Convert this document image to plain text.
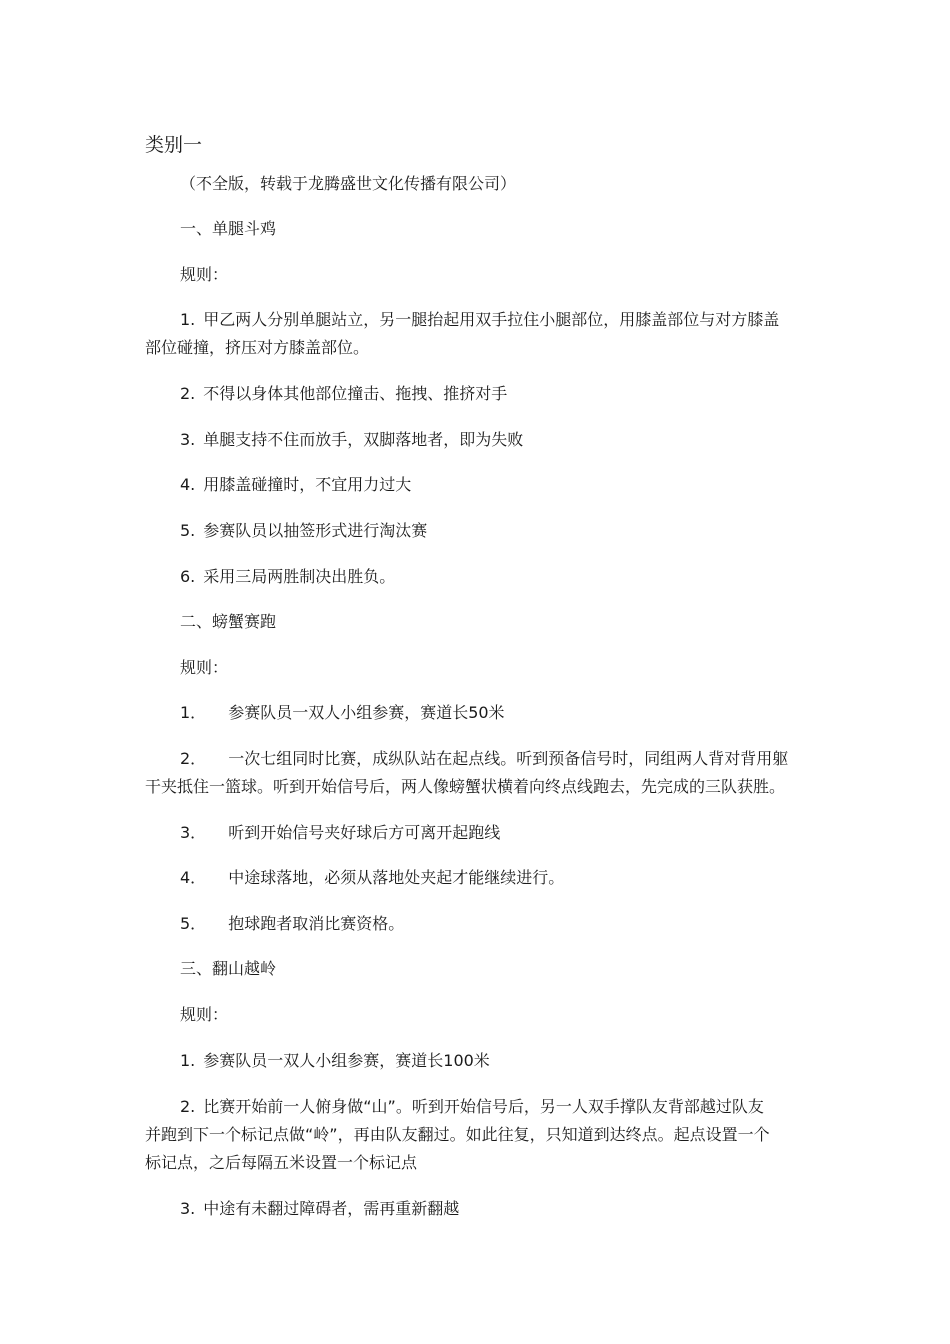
类别一
（不全版，转载于龙腾盛世文化传播有限公司）
一、单腿斗鸡
规则：
1. 甲乙两人分别单腿站立，另一腿抬起用双手拉住小腿部位，用膝盖部位与对方膝盖
部位碰撞，挤压对方膝盖部位。
2. 不得以身体其他部位撞击、拖拽、推挤对手
3. 单腿支持不住而放手，双脚落地者，即为失败
4. 用膝盖碰撞时，不宜用力过大
5. 参赛队员以抽签形式进行淘汰赛
6. 采用三局两胜制决出胜负。
二、螃蟹赛跑
规则：
1． 参赛队员一双人小组参赛，赛道长50米
2． 一次七组同时比赛，成纵队站在起点线。听到预备信号时，同组两人背对背用躯
干夹抵住一篮球。听到开始信号后，两人像螃蟹状横着向终点线跑去，先完成的三队获胜。
3． 听到开始信号夹好球后方可离开起跑线
4． 中途球落地，必须从落地处夹起才能继续进行。
5． 抱球跑者取消比赛资格。
三、翻山越岭
规则：
1. 参赛队员一双人小组参赛，赛道长100米
2. 比赛开始前一人俯身做“山”。听到开始信号后，另一人双手撑队友背部越过队友
并跑到下一个标记点做“岭”，再由队友翻过。如此往复，只知道到达终点。起点设置一个
标记点，之后每隔五米设置一个标记点
3. 中途有未翻过障碍者，需再重新翻越
